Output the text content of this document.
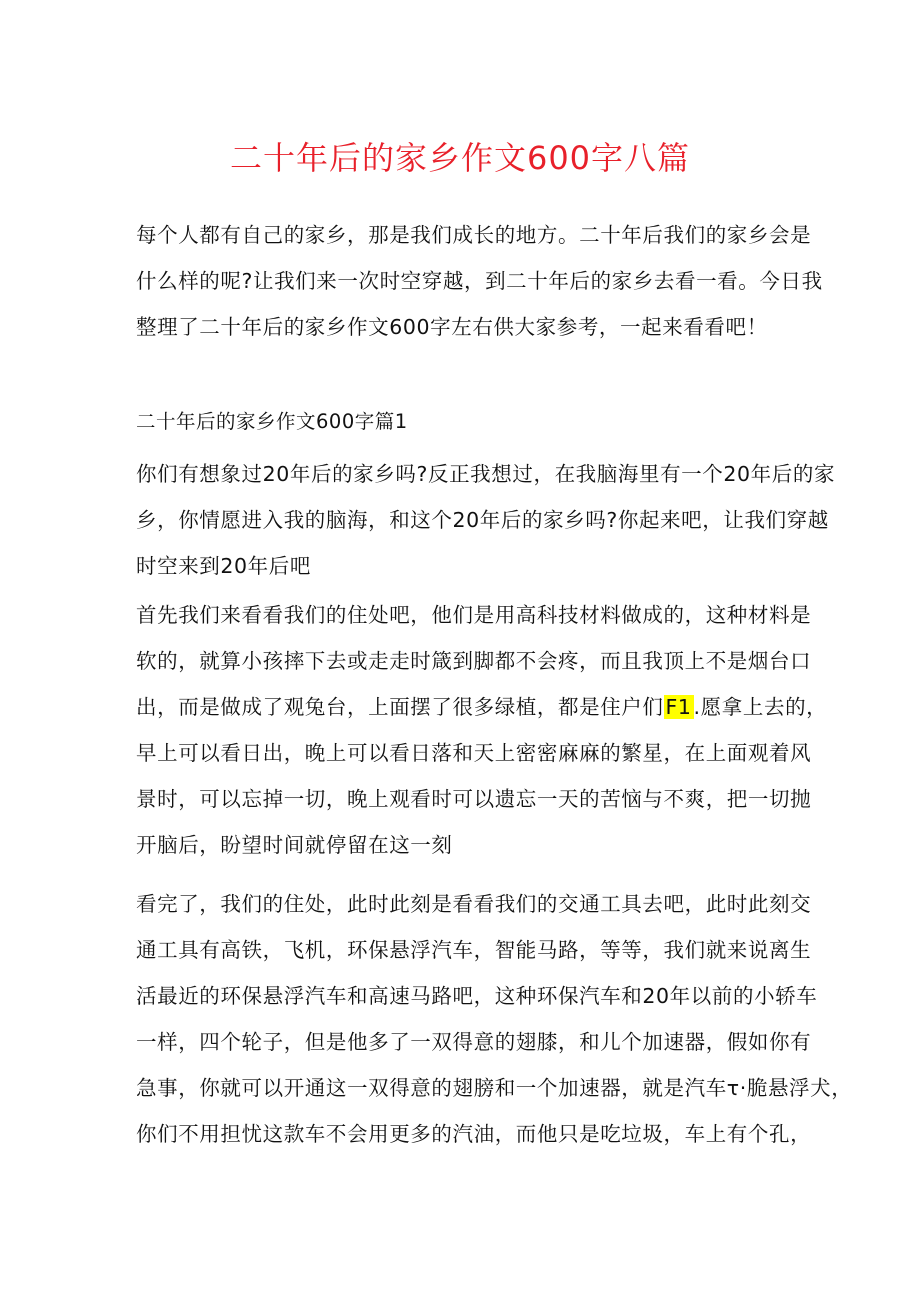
二十年后的家乡作文600字八篇
每个人都有自己的家乡，那是我们成长的地方。二十年后我们的家乡会是
什么样的呢?让我们来一次时空穿越，到二十年后的家乡去看一看。今日我
整理了二十年后的家乡作文600字左右供大家参考，一起来看看吧！
二十年后的家乡作文600字篇1
你们有想象过20年后的家乡吗?反正我想过，在我脑海里有一个20年后的家
乡，你情愿进入我的脑海，和这个20年后的家乡吗?你起来吧，让我们穿越
时空来到20年后吧
首先我们来看看我们的住处吧，他们是用高科技材料做成的，这种材料是
软的，就算小孩摔下去或走走时箴到脚都不会疼，而且我顶上不是烟台口
出，而是做成了观兔台，上面摆了很多绿植，都是住户们F1.愿拿上去的，
早上可以看日出，晚上可以看日落和天上密密麻麻的繁星，在上面观着风
景时，可以忘掉一切，晚上观看时可以遗忘一天的苦恼与不爽，把一切抛
开脑后，盼望时间就停留在这一刻
看完了，我们的住处，此时此刻是看看我们的交通工具去吧，此时此刻交
通工具有高铁，飞机，环保悬浮汽车，智能马路，等等，我们就来说离生
活最近的环保悬浮汽车和高速马路吧，这种环保汽车和20年以前的小轿车
一样，四个轮子，但是他多了一双得意的翅膝，和儿个加速器，假如你有
急事，你就可以开通这一双得意的翅膀和一个加速器，就是汽车τ·脆悬浮犬，
你们不用担忧这款车不会用更多的汽油，而他只是吃垃圾，车上有个孔，
